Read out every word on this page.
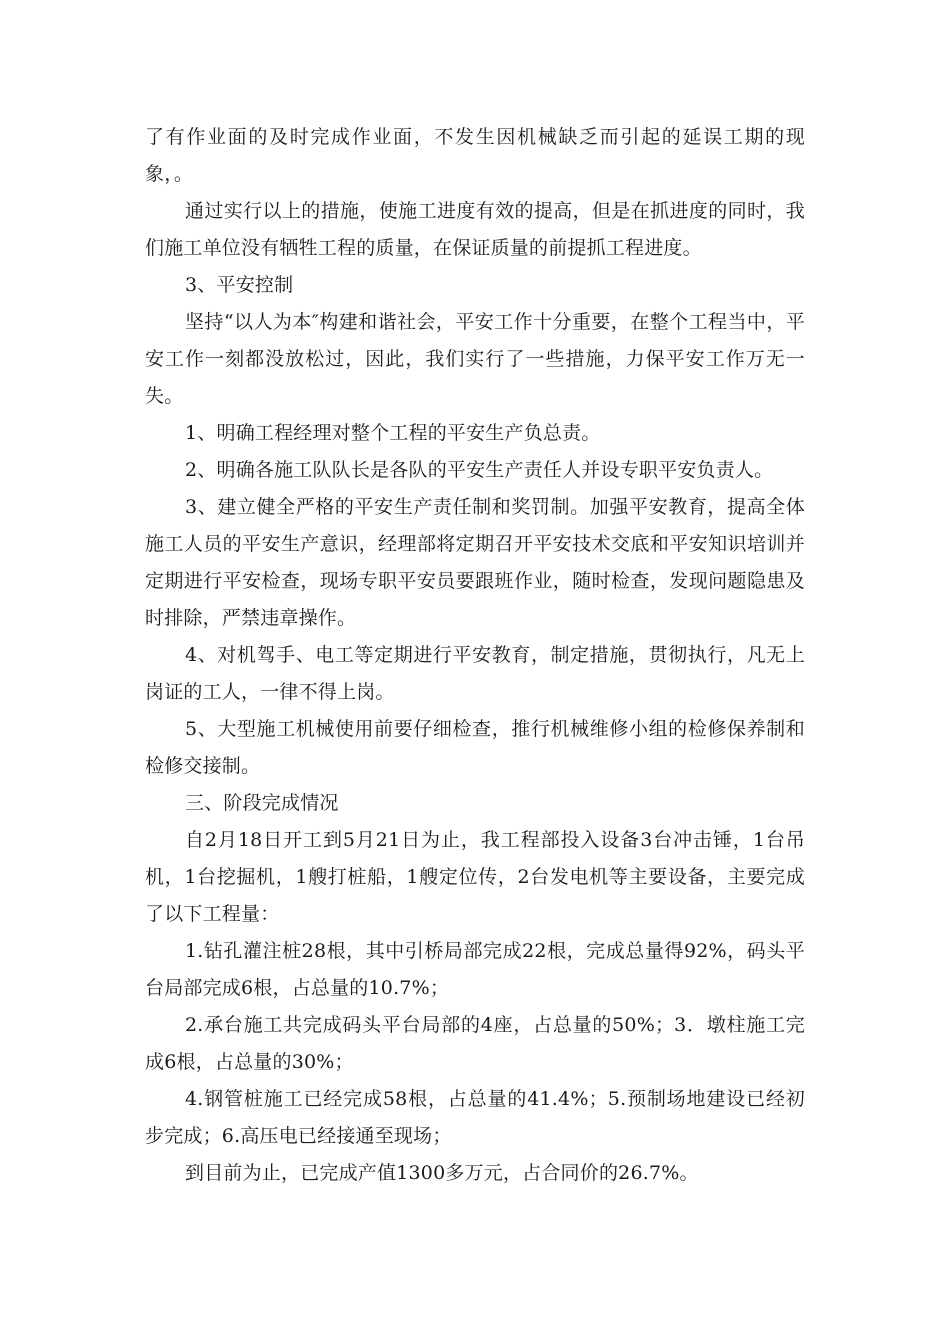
了有作业面的及时完成作业面，不发生因机械缺乏而引起的延误工期的现象，。

通过实行以上的措施，使施工进度有效的提高，但是在抓进度的同时，我们施工单位没有牺牲工程的质量，在保证质量的前提抓工程进度。

3、平安控制

坚持“以人为本″构建和谐社会，平安工作十分重要，在整个工程当中，平安工作一刻都没放松过，因此，我们实行了一些措施，力保平安工作万无一失。

1、明确工程经理对整个工程的平安生产负总责。

2、明确各施工队队长是各队的平安生产责任人并设专职平安负责人。

3、建立健全严格的平安生产责任制和奖罚制。加强平安教育，提高全体施工人员的平安生产意识，经理部将定期召开平安技术交底和平安知识培训并定期进行平安检查，现场专职平安员要跟班作业，随时检查，发现问题隐患及时排除，严禁违章操作。

4、对机驾手、电工等定期进行平安教育，制定措施，贯彻执行，凡无上岗证的工人，一律不得上岗。

5、大型施工机械使用前要仔细检查，推行机械维修小组的检修保养制和检修交接制。

三、阶段完成情况

自2月18日开工到5月21日为止，我工程部投入设备3台冲击锤，1台吊机，1台挖掘机，1艘打桩船，1艘定位传，2台发电机等主要设备，主要完成了以下工程量：

1.钻孔灌注桩28根，其中引桥局部完成22根，完成总量得92%，码头平台局部完成6根，占总量的10.7%；

2.承台施工共完成码头平台局部的4座，占总量的50%；3．墩柱施工完成6根，占总量的30%；

4.钢管桩施工已经完成58根，占总量的41.4%；5.预制场地建设已经初步完成；6.高压电已经接通至现场；

到目前为止，已完成产值1300多万元，占合同价的26.7%。
